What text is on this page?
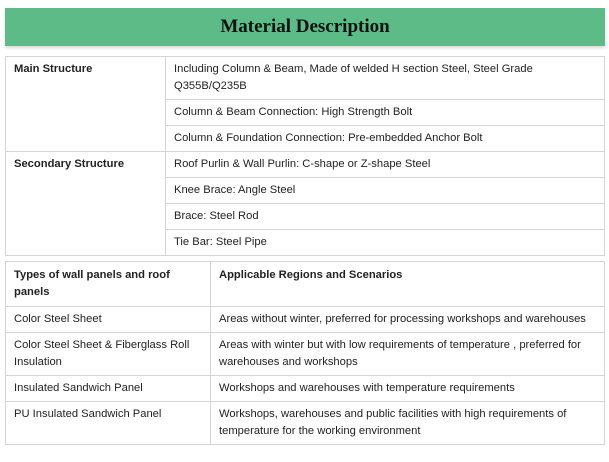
Material Description
Main Structure	Including Column & Beam, Made of welded H section Steel, Steel Grade Q355B/Q235B
	Column & Beam Connection: High Strength Bolt
	Column & Foundation Connection: Pre-embedded Anchor Bolt
Secondary Structure	Roof Purlin & Wall Purlin: C-shape or Z-shape Steel
	Knee Brace: Angle Steel
	Brace: Steel Rod
	Tie Bar: Steel Pipe
Types of wall panels and roof panels	Applicable Regions and Scenarios
Color Steel Sheet	Areas without winter, preferred for processing workshops and warehouses
Color Steel Sheet & Fiberglass Roll Insulation	Areas with winter but with low requirements of temperature , preferred for warehouses and workshops
Insulated Sandwich Panel	Workshops and warehouses with temperature requirements
PU Insulated Sandwich Panel	Workshops, warehouses and public facilities with high requirements of temperature for the working environment
